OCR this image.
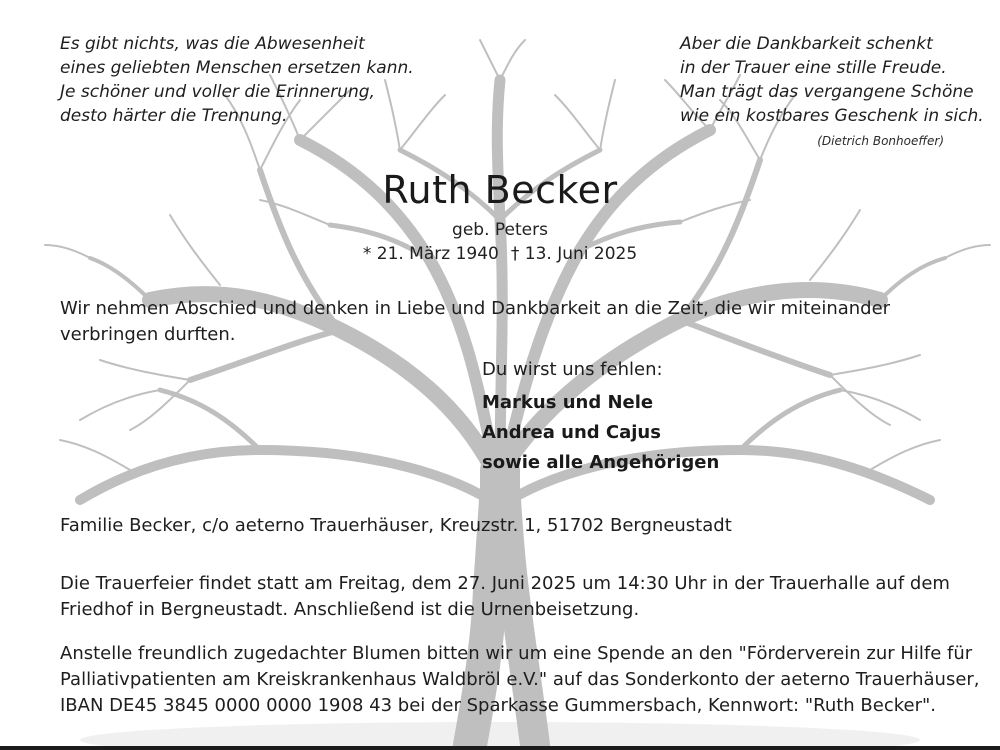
Es gibt nichts, was die Abwesenheit
eines geliebten Menschen ersetzen kann.
Je schöner und voller die Erinnerung,
desto härter die Trennung.
Aber die Dankbarkeit schenkt
in der Trauer eine stille Freude.
Man trägt das vergangene Schöne
wie ein kostbares Geschenk in sich.
(Dietrich Bonhoeffer)
Ruth Becker
geb. Peters
* 21. März 1940 † 13. Juni 2025
Wir nehmen Abschied und denken in Liebe und Dankbarkeit an die Zeit, die wir miteinander
verbringen durften.
Du wirst uns fehlen:
Markus und Nele
Andrea und Cajus
sowie alle Angehörigen
Familie Becker, c/o aeterno Trauerhäuser, Kreuzstr. 1, 51702 Bergneustadt
Die Trauerfeier findet statt am Freitag, dem 27. Juni 2025 um 14:30 Uhr in der Trauerhalle auf dem
Friedhof in Bergneustadt. Anschließend ist die Urnenbeisetzung.
Anstelle freundlich zugedachter Blumen bitten wir um eine Spende an den "Förderverein zur Hilfe für
Palliativpatienten am Kreiskrankenhaus Waldbröl e.V." auf das Sonderkonto der aeterno Trauerhäuser,
IBAN DE45 3845 0000 0000 1908 43 bei der Sparkasse Gummersbach, Kennwort: "Ruth Becker".
